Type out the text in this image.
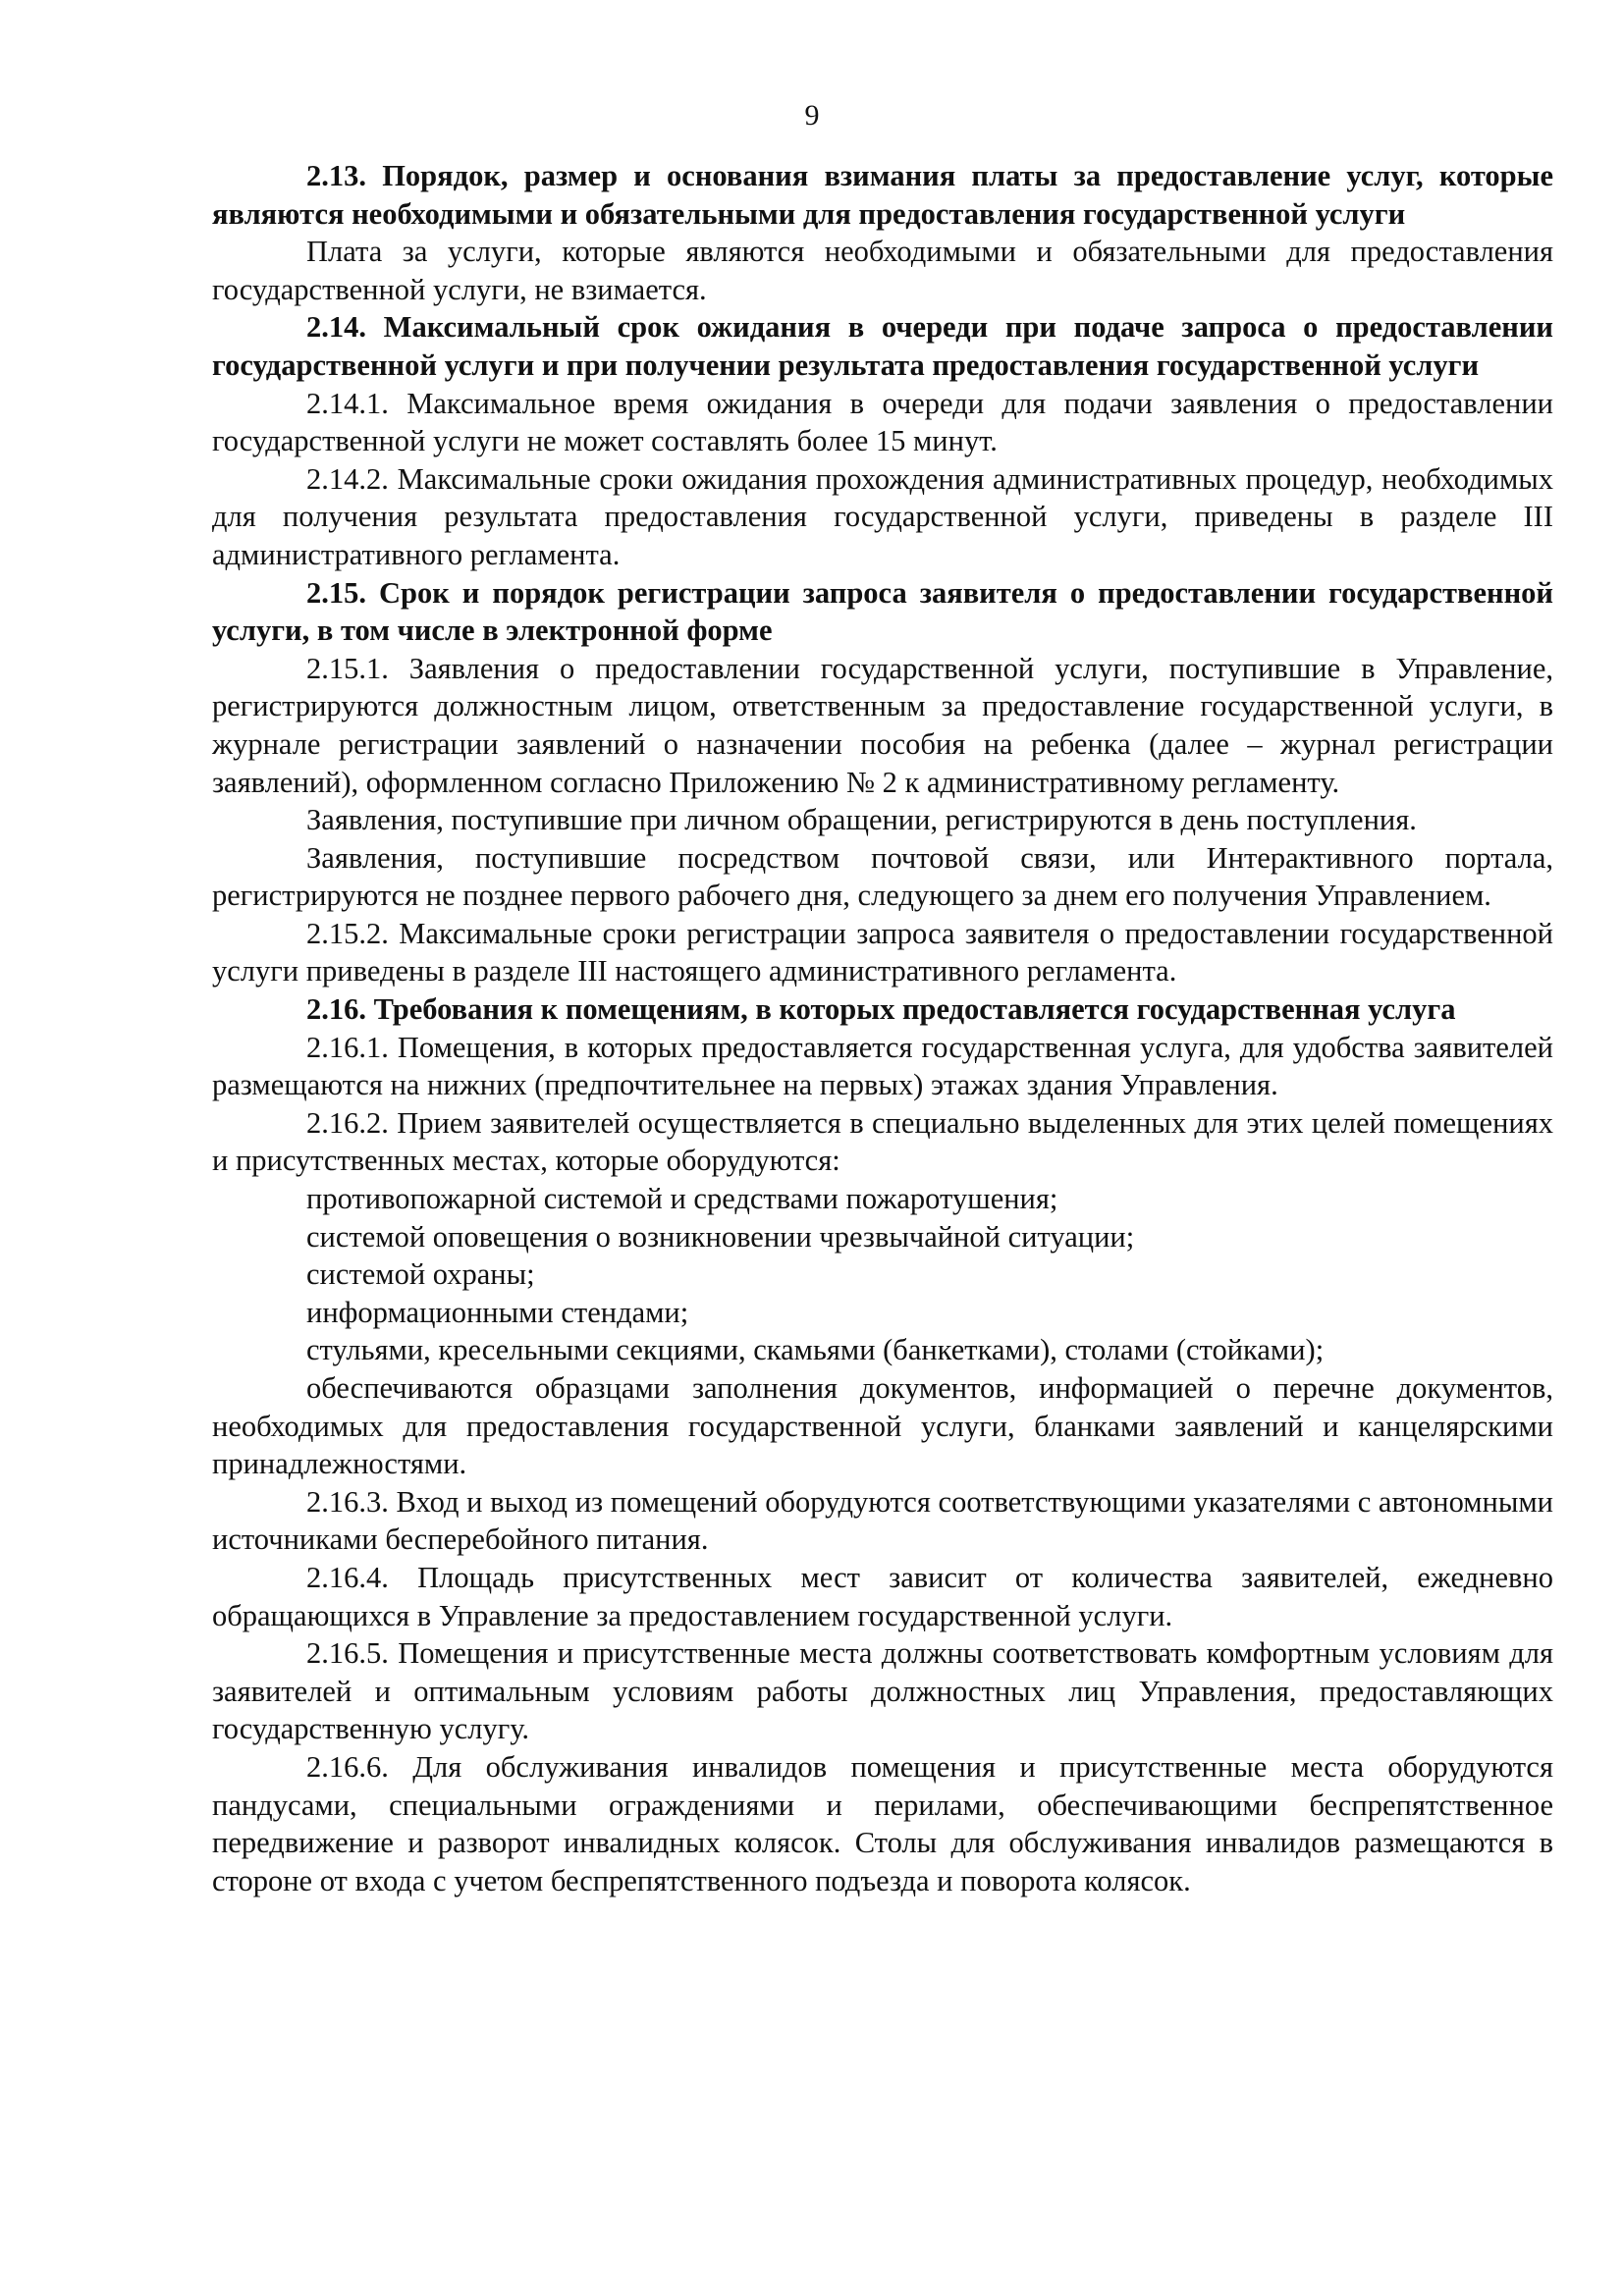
9

2.13. Порядок, размер и основания взимания платы за предоставление услуг, которые являются необходимыми и обязательными для предоставления государственной услуги

Плата за услуги, которые являются необходимыми и обязательными для предоставления государственной услуги, не взимается.

2.14. Максимальный срок ожидания в очереди при подаче запроса о предоставлении государственной услуги и при получении результата предоставления государственной услуги

2.14.1. Максимальное время ожидания в очереди для подачи заявления о предоставлении государственной услуги не может составлять более 15 минут.

2.14.2. Максимальные сроки ожидания прохождения административных процедур, необходимых для получения результата предоставления государственной услуги, приведены в разделе III административного регламента.

2.15. Срок и порядок регистрации запроса заявителя о предоставлении государственной услуги, в том числе в электронной форме

2.15.1. Заявления о предоставлении государственной услуги, поступившие в Управление, регистрируются должностным лицом, ответственным за предоставление государственной услуги, в журнале регистрации заявлений о назначении пособия на ребенка (далее – журнал регистрации заявлений), оформленном согласно Приложению № 2 к административному регламенту.

Заявления, поступившие при личном обращении, регистрируются в день поступления.

Заявления, поступившие посредством почтовой связи, или Интерактивного портала, регистрируются не позднее первого рабочего дня, следующего за днем его получения Управлением.

2.15.2. Максимальные сроки регистрации запроса заявителя о предоставлении государственной услуги приведены в разделе III настоящего административного регламента.

2.16. Требования к помещениям, в которых предоставляется государственная услуга

2.16.1. Помещения, в которых предоставляется государственная услуга, для удобства заявителей размещаются на нижних (предпочтительнее на первых) этажах здания Управления.

2.16.2. Прием заявителей осуществляется в специально выделенных для этих целей помещениях и присутственных местах, которые оборудуются:

противопожарной системой и средствами пожаротушения;

системой оповещения о возникновении чрезвычайной ситуации;

системой охраны;

информационными стендами;

стульями, кресельными секциями, скамьями (банкетками), столами (стойками);

обеспечиваются образцами заполнения документов, информацией о перечне документов, необходимых для предоставления государственной услуги, бланками заявлений и канцелярскими принадлежностями.

2.16.3. Вход и выход из помещений оборудуются соответствующими указателями с автономными источниками бесперебойного питания.

2.16.4. Площадь присутственных мест зависит от количества заявителей, ежедневно обращающихся в Управление за предоставлением государственной услуги.

2.16.5. Помещения и присутственные места должны соответствовать комфортным условиям для заявителей и оптимальным условиям работы должностных лиц Управления, предоставляющих государственную услугу.

2.16.6. Для обслуживания инвалидов помещения и присутственные места оборудуются пандусами, специальными ограждениями и перилами, обеспечивающими беспрепятственное передвижение и разворот инвалидных колясок. Столы для обслуживания инвалидов размещаются в стороне от входа с учетом беспрепятственного подъезда и поворота колясок.
